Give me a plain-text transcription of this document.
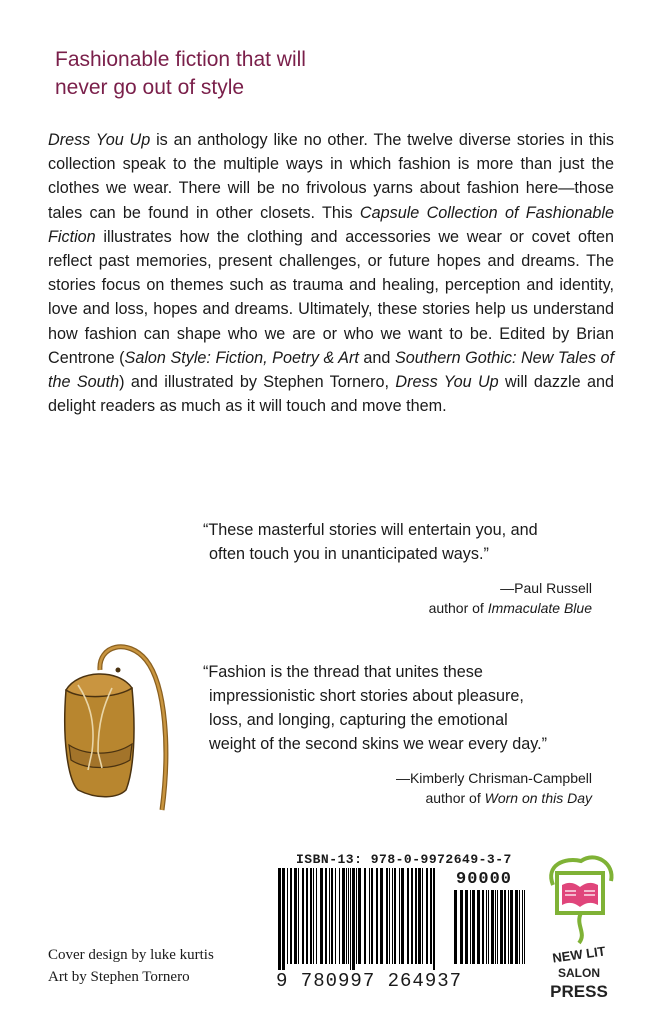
Fashionable fiction that will
never go out of style
Dress You Up is an anthology like no other. The twelve diverse stories in this collection speak to the multiple ways in which fashion is more than just the clothes we wear. There will be no frivolous yarns about fashion here—those tales can be found in other closets. This Capsule Collection of Fashionable Fiction illustrates how the clothing and accessories we wear or covet often reflect past memories, present challenges, or future hopes and dreams. The stories focus on themes such as trauma and healing, perception and identity, love and loss, hopes and dreams. Ultimately, these stories help us understand how fashion can shape who we are or who we want to be. Edited by Brian Centrone (Salon Style: Fiction, Poetry & Art and Southern Gothic: New Tales of the South) and illustrated by Stephen Tornero, Dress You Up will dazzle and delight readers as much as it will touch and move them.
“These masterful stories will entertain you, and
often touch you in unanticipated ways.”
—Paul Russell
author of Immaculate Blue
“Fashion is the thread that unites these
impressionistic short stories about pleasure,
loss, and longing, capturing the emotional
weight of the second skins we wear every day.”
—Kimberly Chrisman-Campbell
author of Worn on this Day
ISBN-13: 978-0-9972649-3-7
90000
9 780997 264937
NEW LIT
SALON
PRESS
Cover design by luke kurtis
Art by Stephen Tornero
